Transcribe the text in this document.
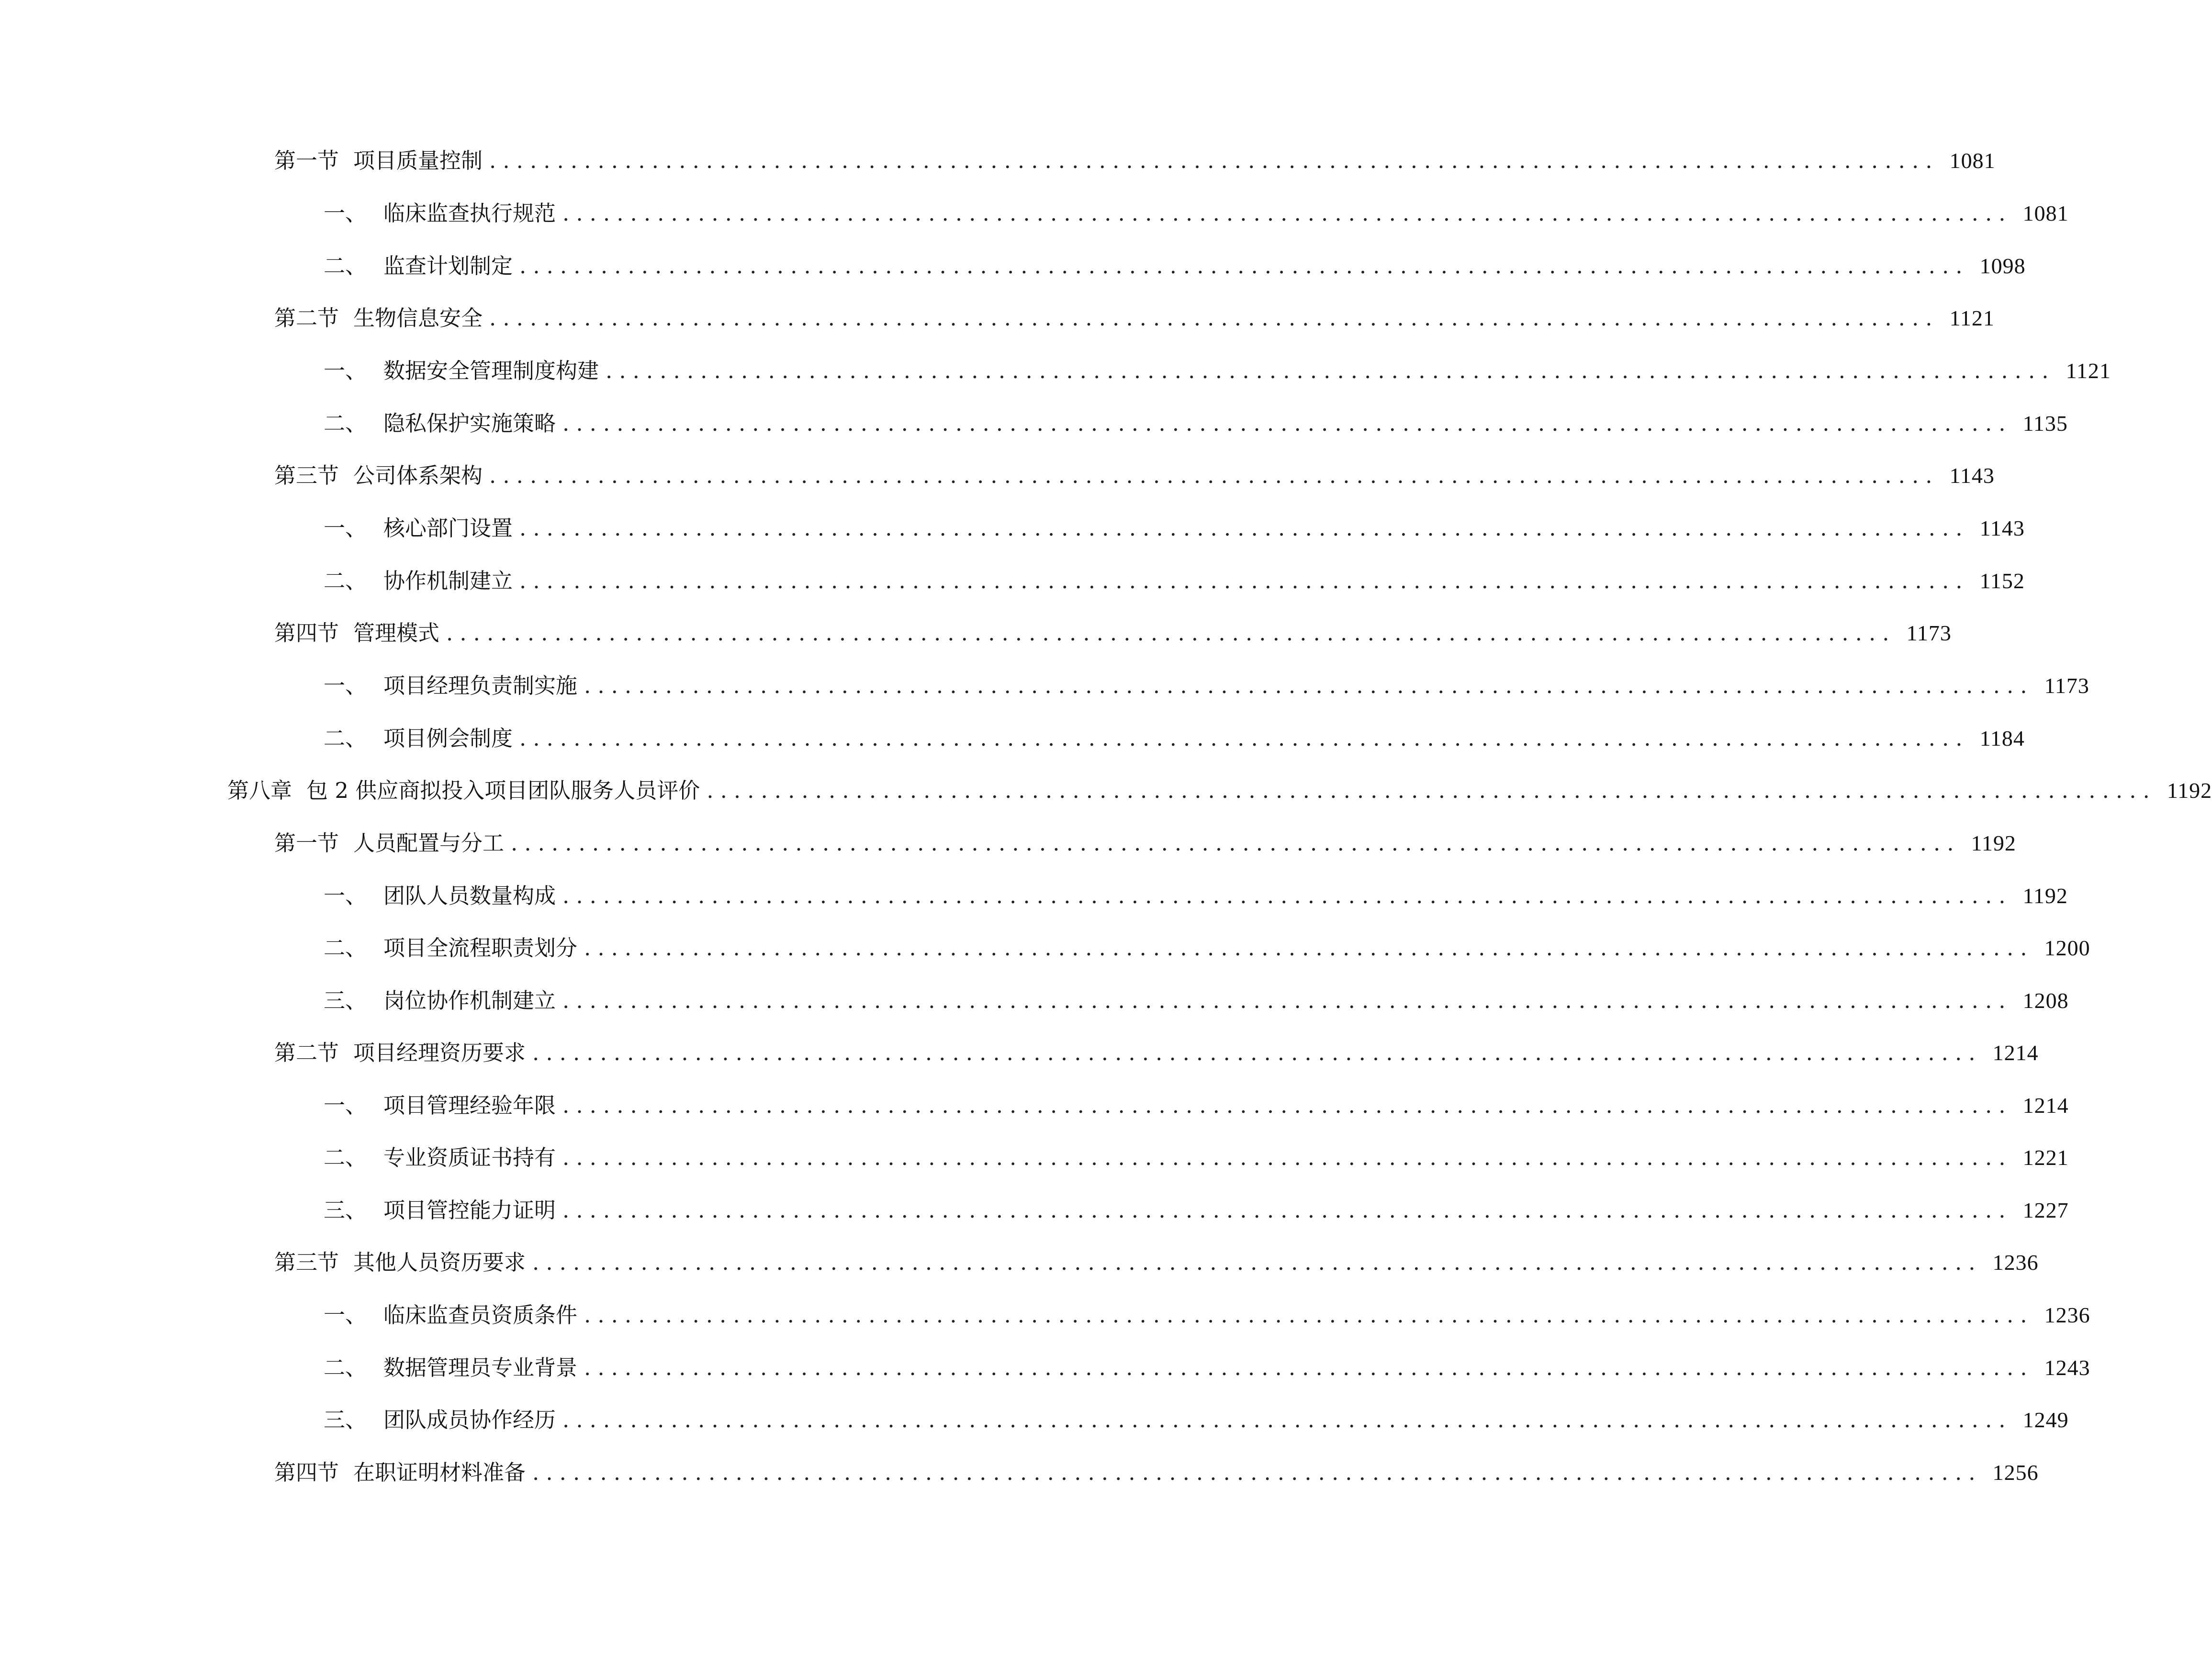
第一节 项目质量控制 ........................................................................................................... 1081
一、 临床监查执行规范 ........................................................................................................... 1081
二、 监查计划制定 ........................................................................................................... 1098
第二节 生物信息安全 ........................................................................................................... 1121
一、 数据安全管理制度构建 ........................................................................................................... 1121
二、 隐私保护实施策略 ........................................................................................................... 1135
第三节 公司体系架构 ........................................................................................................... 1143
一、 核心部门设置 ........................................................................................................... 1143
二、 协作机制建立 ........................................................................................................... 1152
第四节 管理模式 ........................................................................................................... 1173
一、 项目经理负责制实施 ........................................................................................................... 1173
二、 项目例会制度 ........................................................................................................... 1184
第八章 包 2 供应商拟投入项目团队服务人员评价 ........................................................................................................... 1192
第一节 人员配置与分工 ........................................................................................................... 1192
一、 团队人员数量构成 ........................................................................................................... 1192
二、 项目全流程职责划分 ........................................................................................................... 1200
三、 岗位协作机制建立 ........................................................................................................... 1208
第二节 项目经理资历要求 ........................................................................................................... 1214
一、 项目管理经验年限 ........................................................................................................... 1214
二、 专业资质证书持有 ........................................................................................................... 1221
三、 项目管控能力证明 ........................................................................................................... 1227
第三节 其他人员资历要求 ........................................................................................................... 1236
一、 临床监查员资质条件 ........................................................................................................... 1236
二、 数据管理员专业背景 ........................................................................................................... 1243
三、 团队成员协作经历 ........................................................................................................... 1249
第四节 在职证明材料准备 ........................................................................................................... 1256
